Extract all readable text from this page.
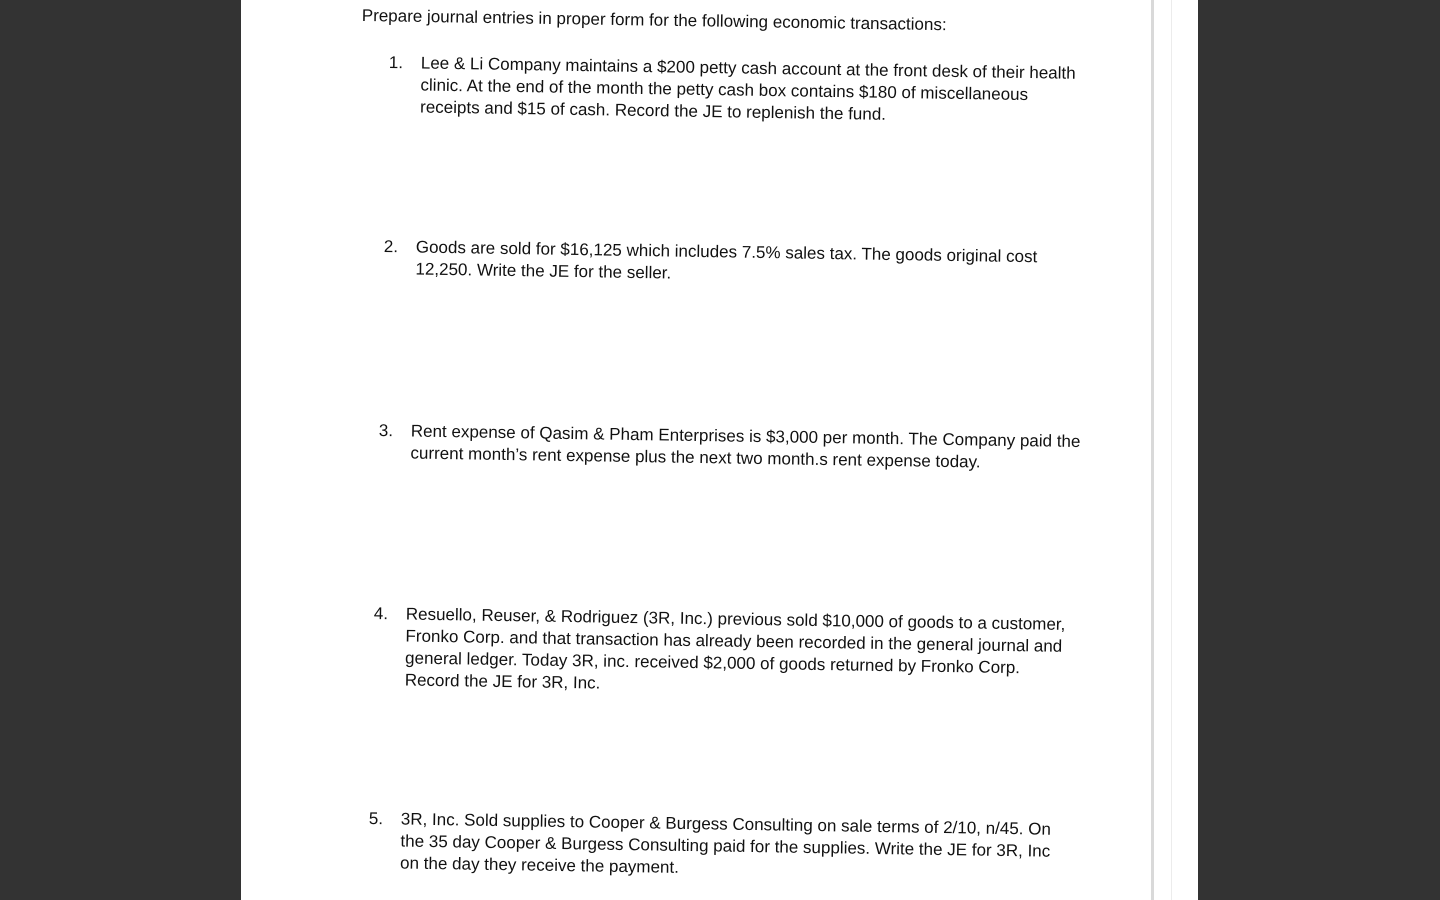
Prepare journal entries in proper form for the following economic transactions:
1.	Lee & Li Company maintains a $200 petty cash account at the front desk of their health clinic. At the end of the month the petty cash box contains $180 of miscellaneous receipts and $15 of cash. Record the JE to replenish the fund.
2.	Goods are sold for $16,125 which includes 7.5% sales tax. The goods original cost 12,250. Write the JE for the seller.
3.	Rent expense of Qasim & Pham Enterprises is $3,000 per month. The Company paid the current month’s rent expense plus the next two month.s rent expense today.
4.	Resuello, Reuser, & Rodriguez (3R, Inc.) previous sold $10,000 of goods to a customer, Fronko Corp. and that transaction has already been recorded in the general journal and general ledger. Today 3R, inc. received $2,000 of goods returned by Fronko Corp. Record the JE for 3R, Inc.
5.	3R, Inc. Sold supplies to Cooper & Burgess Consulting on sale terms of 2/10, n/45. On the 35 day Cooper & Burgess Consulting paid for the supplies. Write the JE for 3R, Inc on the day they receive the payment.
